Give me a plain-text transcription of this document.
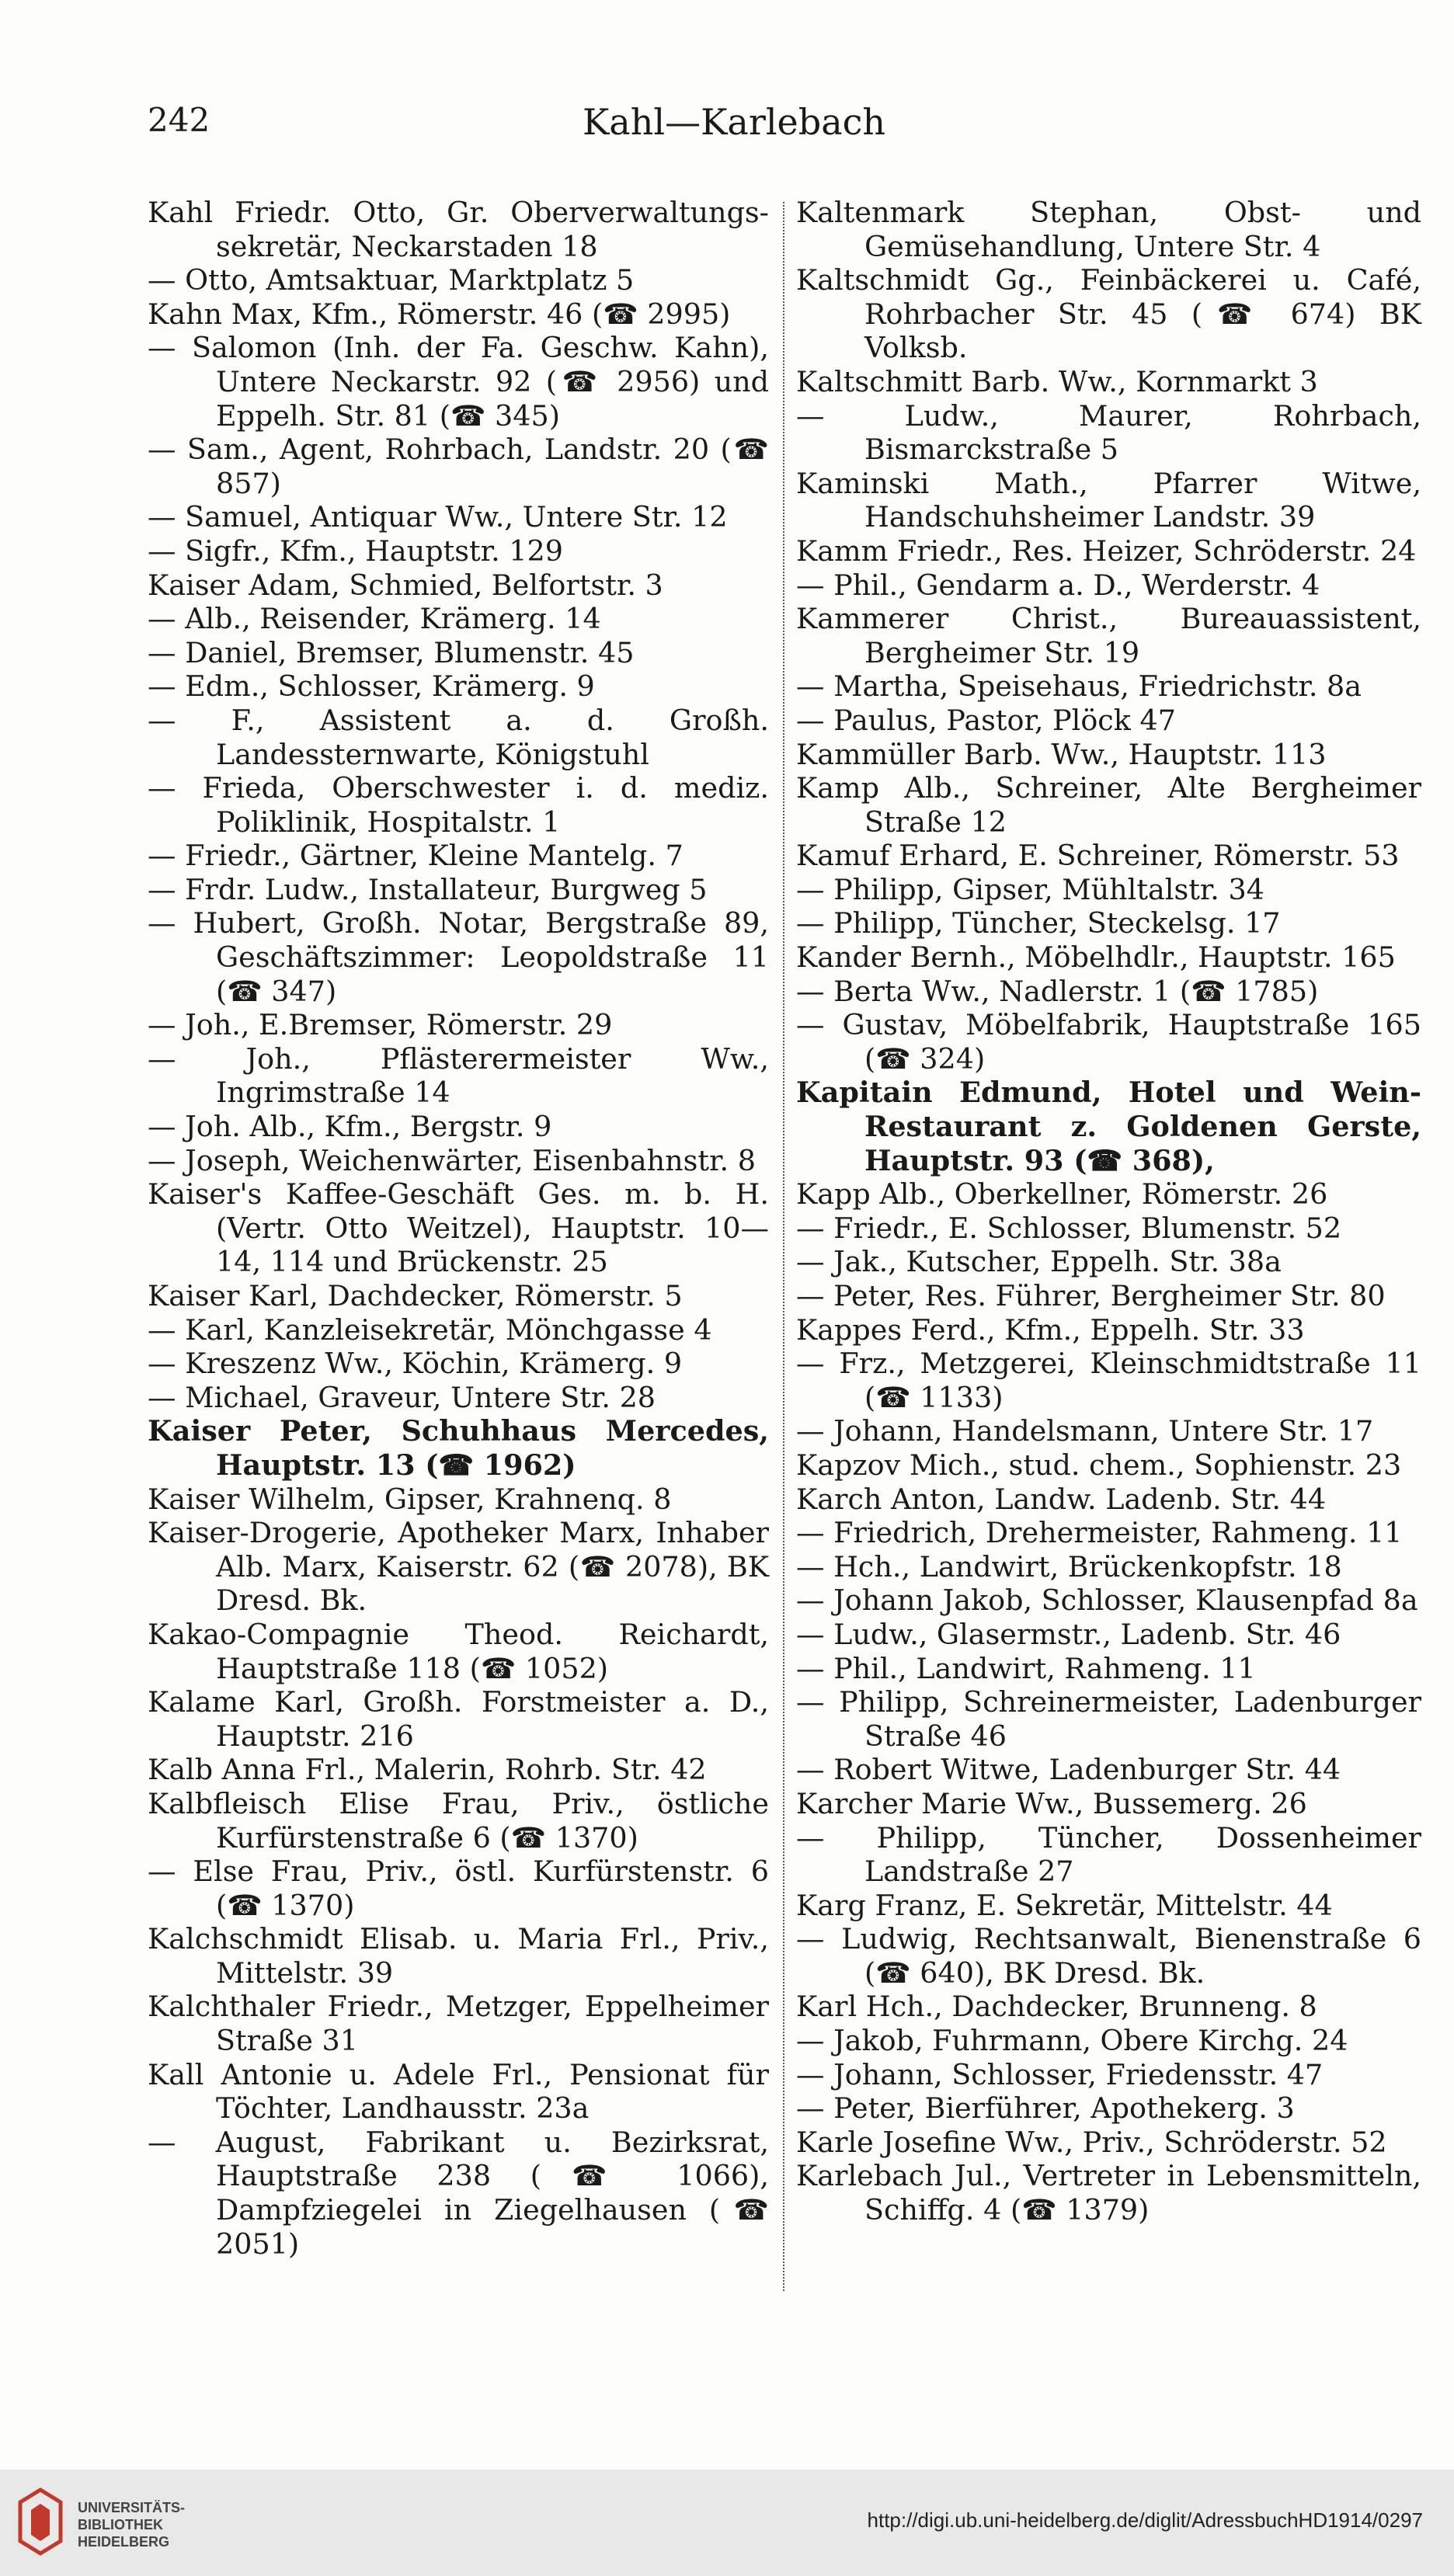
242	Kahl—Karlebach
Kahl Friedr. Otto, Gr. Oberverwaltungs-sekretär, Neckarstaden 18
— Otto, Amtsaktuar, Marktplatz 5
Kahn Max, Kfm., Römerstr. 46 (☎ 2995)
— Salomon (Inh. der Fa. Geschw. Kahn), Untere Neckarstr. 92 (☎ 2956) und Eppelh. Str. 81 (☎ 345)
— Sam., Agent, Rohrbach, Landstr. 20 (☎ 857)
— Samuel, Antiquar Ww., Untere Str. 12
— Sigfr., Kfm., Hauptstr. 129
Kaiser Adam, Schmied, Belfortstr. 3
— Alb., Reisender, Krämerg. 14
— Daniel, Bremser, Blumenstr. 45
— Edm., Schlosser, Krämerg. 9
— F., Assistent a. d. Großh. Landessternwarte, Königstuhl
— Frieda, Oberschwester i. d. mediz. Poliklinik, Hospitalstr. 1
— Friedr., Gärtner, Kleine Mantelg. 7
— Frdr. Ludw., Installateur, Burgweg 5
— Hubert, Großh. Notar, Bergstraße 89, Geschäftszimmer: Leopoldstraße 11 (☎ 347)
— Joh., E.Bremser, Römerstr. 29
— Joh., Pflästerermeister Ww., Ingrimstraße 14
— Joh. Alb., Kfm., Bergstr. 9
— Joseph, Weichenwärter, Eisenbahnstr. 8
Kaiser's Kaffee-Geschäft Ges. m. b. H. (Vertr. Otto Weitzel), Hauptstr. 10—14, 114 und Brückenstr. 25
Kaiser Karl, Dachdecker, Römerstr. 5
— Karl, Kanzleisekretär, Mönchgasse 4
— Kreszenz Ww., Köchin, Krämerg. 9
— Michael, Graveur, Untere Str. 28
Kaiser Peter, Schuhhaus Mercedes, Hauptstr. 13 (☎ 1962)
Kaiser Wilhelm, Gipser, Krahnenq. 8
Kaiser-Drogerie, Apotheker Marx, Inhaber Alb. Marx, Kaiserstr. 62 (☎ 2078), BK Dresd. Bk.
Kakao-Compagnie Theod. Reichardt, Hauptstraße 118 (☎ 1052)
Kalame Karl, Großh. Forstmeister a. D., Hauptstr. 216
Kalb Anna Frl., Malerin, Rohrb. Str. 42
Kalbfleisch Elise Frau, Priv., östliche Kurfürstenstraße 6 (☎ 1370)
— Else Frau, Priv., östl. Kurfürstenstr. 6 (☎ 1370)
Kalchschmidt Elisab. u. Maria Frl., Priv., Mittelstr. 39
Kalchthaler Friedr., Metzger, Eppelheimer Straße 31
Kall Antonie u. Adele Frl., Pensionat für Töchter, Landhausstr. 23a
— August, Fabrikant u. Bezirksrat, Hauptstraße 238 (☎ 1066), Dampfziegelei in Ziegelhausen (☎ 2051)
Kaltenmark Stephan, Obst- und Gemüsehandlung, Untere Str. 4
Kaltschmidt Gg., Feinbäckerei u. Café, Rohrbacher Str. 45 (☎ 674) BK Volksb.
Kaltschmitt Barb. Ww., Kornmarkt 3
— Ludw., Maurer, Rohrbach, Bismarckstraße 5
Kaminski Math., Pfarrer Witwe, Handschuhsheimer Landstr. 39
Kamm Friedr., Res. Heizer, Schröderstr. 24
— Phil., Gendarm a. D., Werderstr. 4
Kammerer Christ., Bureauassistent, Bergheimer Str. 19
— Martha, Speisehaus, Friedrichstr. 8a
— Paulus, Pastor, Plöck 47
Kammüller Barb. Ww., Hauptstr. 113
Kamp Alb., Schreiner, Alte Bergheimer Straße 12
Kamuf Erhard, E. Schreiner, Römerstr. 53
— Philipp, Gipser, Mühltalstr. 34
— Philipp, Tüncher, Steckelsg. 17
Kander Bernh., Möbelhdlr., Hauptstr. 165
— Berta Ww., Nadlerstr. 1 (☎ 1785)
— Gustav, Möbelfabrik, Hauptstraße 165 (☎ 324)
Kapitain Edmund, Hotel und Wein-Restaurant z. Goldenen Gerste, Hauptstr. 93 (☎ 368),
Kapp Alb., Oberkellner, Römerstr. 26
— Friedr., E. Schlosser, Blumenstr. 52
— Jak., Kutscher, Eppelh. Str. 38a
— Peter, Res. Führer, Bergheimer Str. 80
Kappes Ferd., Kfm., Eppelh. Str. 33
— Frz., Metzgerei, Kleinschmidtstraße 11 (☎ 1133)
— Johann, Handelsmann, Untere Str. 17
Kapzov Mich., stud. chem., Sophienstr. 23
Karch Anton, Landw. Ladenb. Str. 44
— Friedrich, Drehermeister, Rahmeng. 11
— Hch., Landwirt, Brückenkopfstr. 18
— Johann Jakob, Schlosser, Klausenpfad 8a
— Ludw., Glasermstr., Ladenb. Str. 46
— Phil., Landwirt, Rahmeng. 11
— Philipp, Schreinermeister, Ladenburger Straße 46
— Robert Witwe, Ladenburger Str. 44
Karcher Marie Ww., Bussemerg. 26
— Philipp, Tüncher, Dossenheimer Landstraße 27
Karg Franz, E. Sekretär, Mittelstr. 44
— Ludwig, Rechtsanwalt, Bienenstraße 6 (☎ 640), BK Dresd. Bk.
Karl Hch., Dachdecker, Brunneng. 8
— Jakob, Fuhrmann, Obere Kirchg. 24
— Johann, Schlosser, Friedensstr. 47
— Peter, Bierführer, Apothekerg. 3
Karle Josefine Ww., Priv., Schröderstr. 52
Karlebach Jul., Vertreter in Lebensmitteln, Schiffg. 4 (☎ 1379)
UNIVERSITÄTS-
BIBLIOTHEK
HEIDELBERG
http://digi.ub.uni-heidelberg.de/diglit/AdressbuchHD1914/0297
